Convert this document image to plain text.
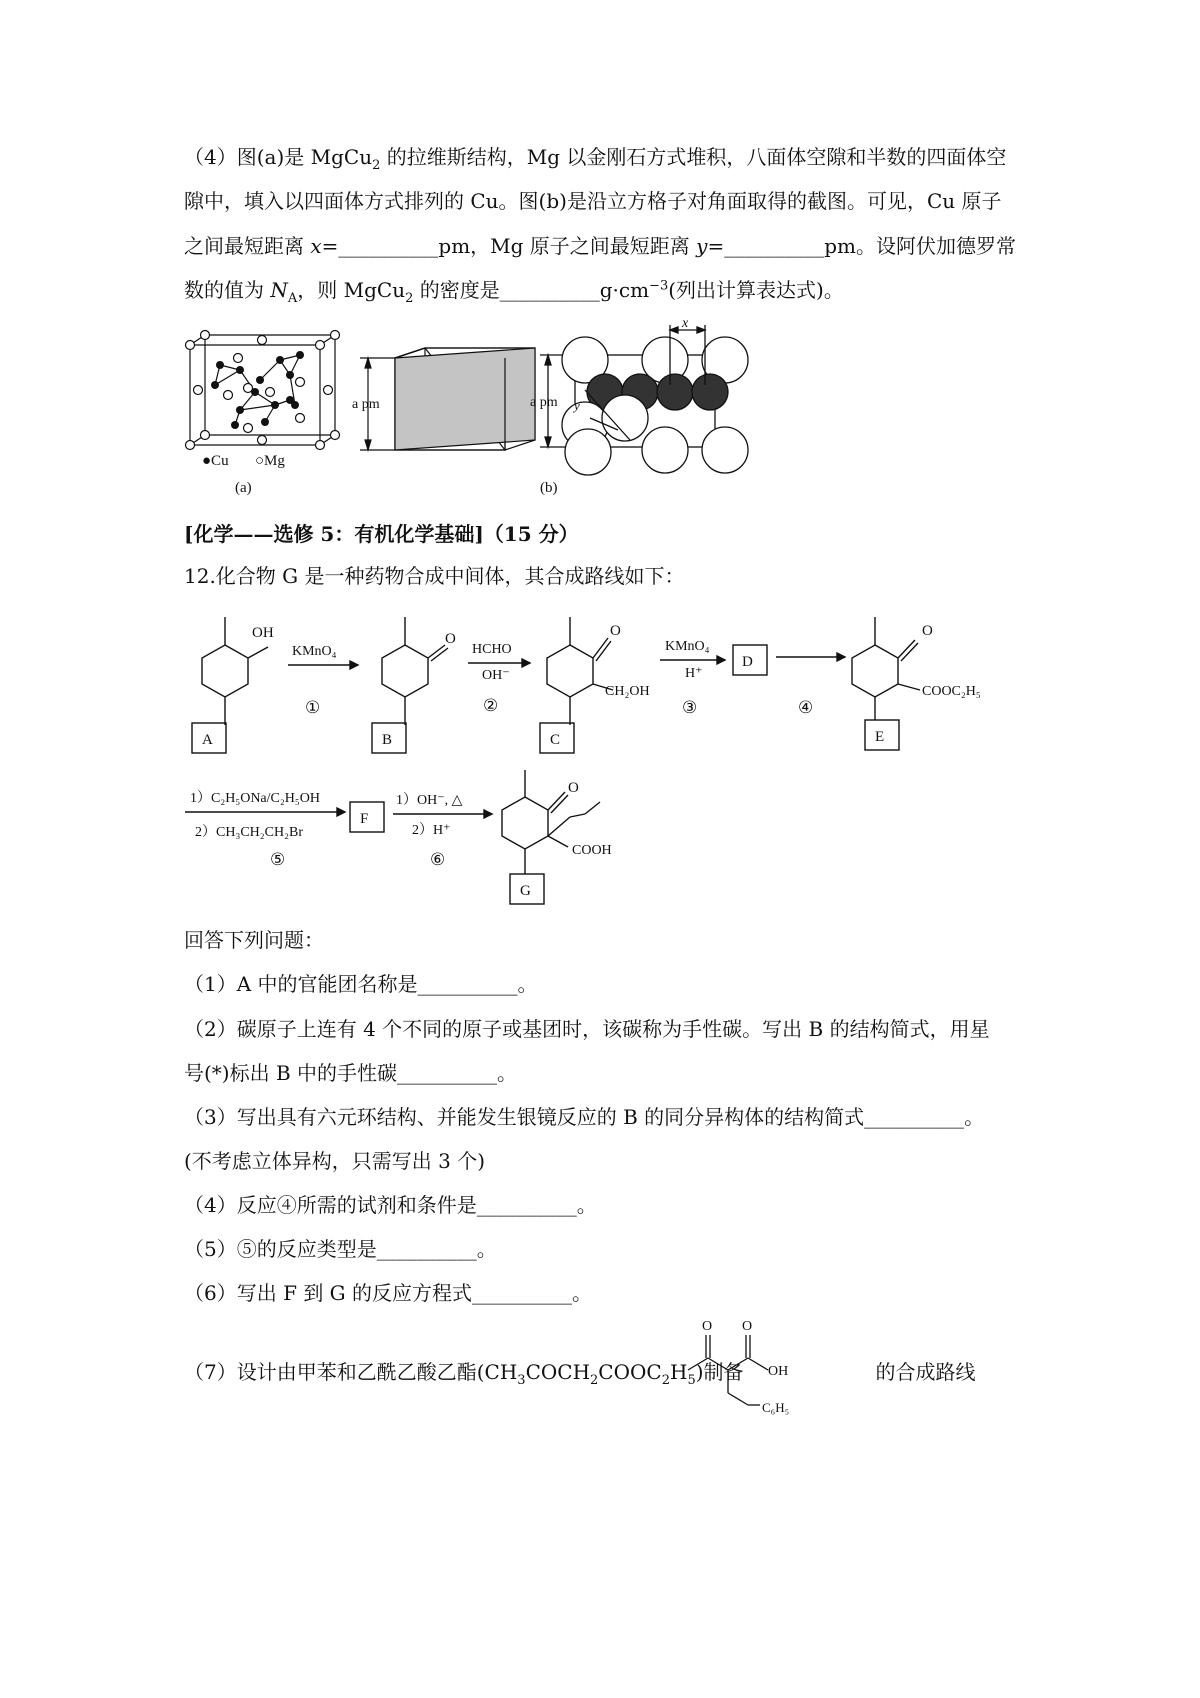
（4）图(a)是 MgCu$_2$ 的拉维斯结构，Mg 以金刚石方式堆积，八面体空隙和半数的四面体空
隙中，填入以四面体方式排列的 Cu。图(b)是沿立方格子对角面取得的截图。可见，Cu 原子
之间最短距离 x=__________pm，Mg 原子之间最短距离 y=__________pm。设阿伏加德罗常
数的值为 $N_A$，则 MgCu$_2$ 的密度是$\_\_\_\_\_\_\_\_\_\_g\cdot cm^{-3}$(列出计算表达式)。
●Cu ○Mg
(a)
a pm	a pm
x
y
(b)
[化学——选修 5：有机化学基础]（15 分）
12.化合物 G 是一种药物合成中间体，其合成路线如下：
OH
A
KMnO₄
①
O
B
HCHO
OH⁻
②
O
CH₂OH
C
KMnO₄
H⁺
③
D
④
O
COOC₂H₅
E
1）C₂H₅ONa/C₂H₅OH
2）CH₃CH₂CH₂Br
⑤
F
1）OH⁻, △
2）H⁺
⑥
O
COOH
G
回答下列问题：
（1）A 中的官能团名称是__________。
（2）碳原子上连有 4 个不同的原子或基团时，该碳称为手性碳。写出 B 的结构简式，用星
号(*)标出 B 中的手性碳__________。
（3）写出具有六元环结构、并能发生银镜反应的 B 的同分异构体的结构简式__________。
(不考虑立体异构，只需写出 3 个)
（4）反应④所需的试剂和条件是__________。
（5）⑤的反应类型是__________。
（6）写出 F 到 G 的反应方程式__________。
（7）设计由甲苯和乙酰乙酸乙酯$(CH_3COCH_2COOC_2H_5)$制备	的合成路线
O O
OH
C₆H₅
